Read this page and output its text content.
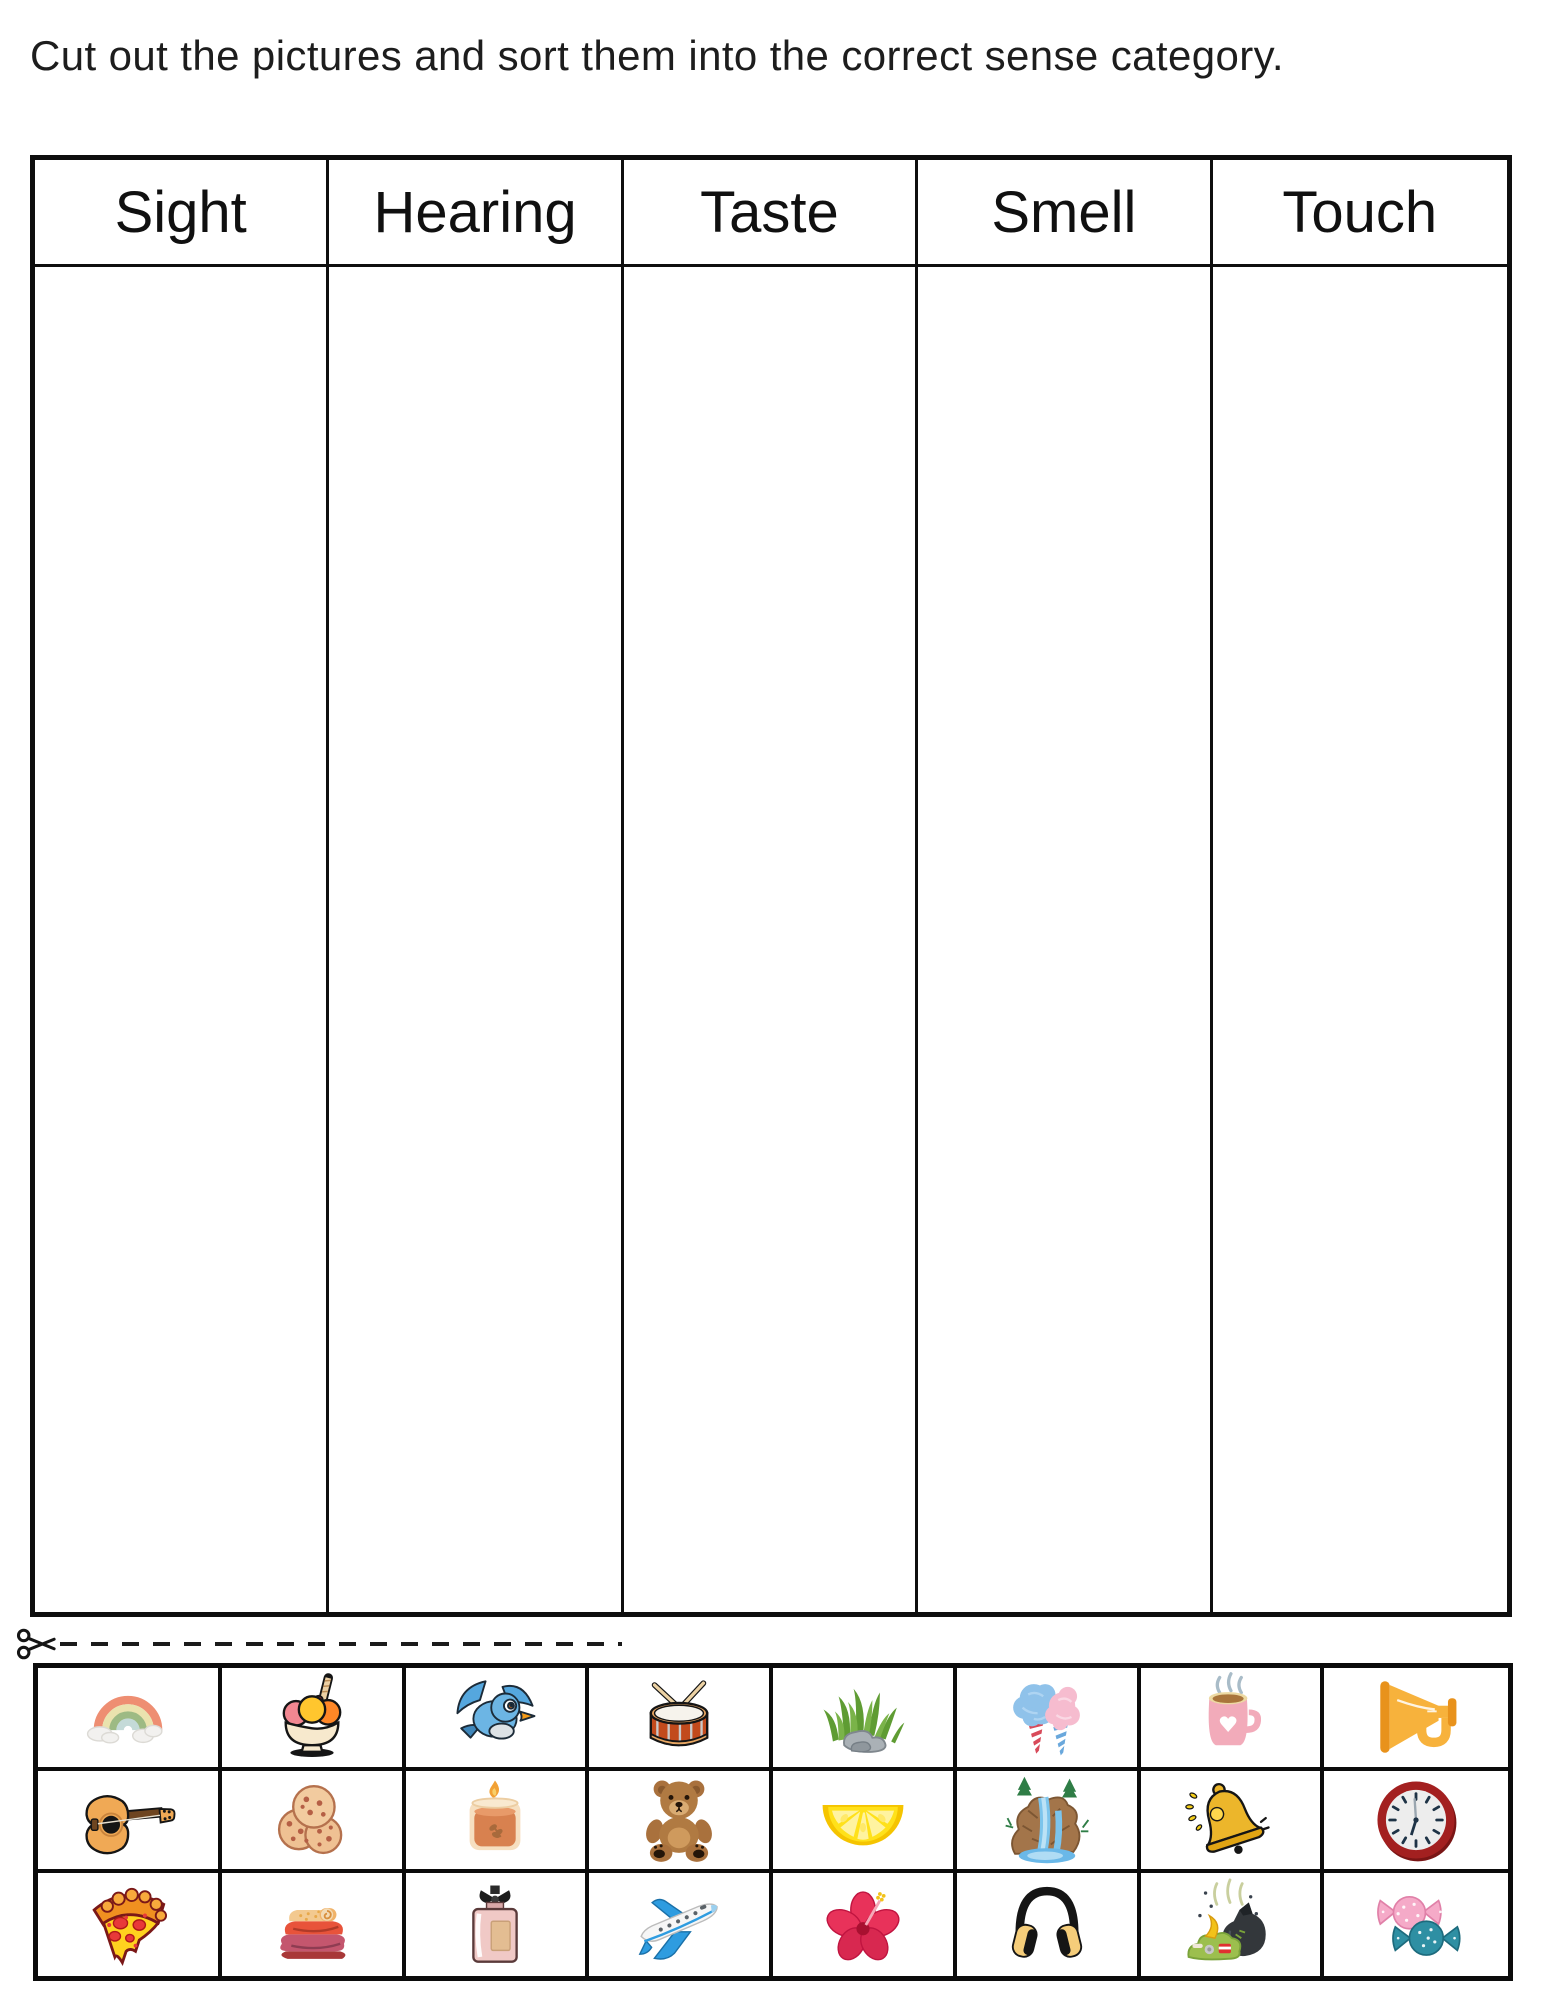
Cut out the pictures and sort them into the correct sense category.
Sight	Hearing	Taste	Smell	Touch
